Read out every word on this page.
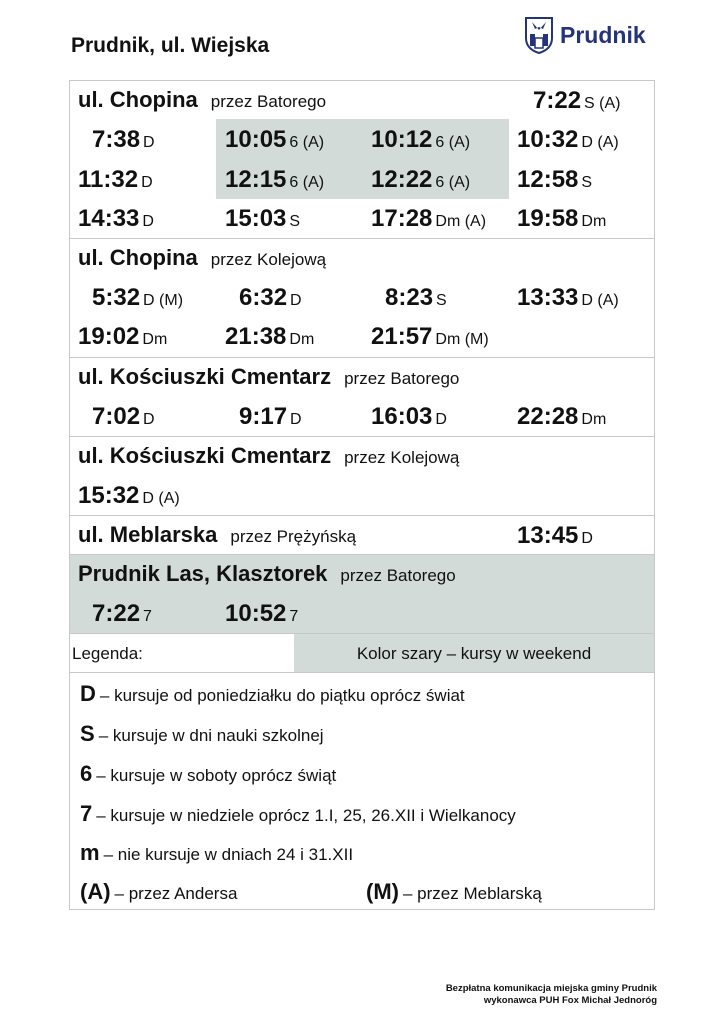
Prudnik, ul. Wiejska	Prudnik
ul. Chopina przez Batorego	7:22 S (A)
7:38 D	10:05 6 (A) 10:12 6 (A) 10:32 D (A)
11:32 D	12:15 6 (A) 12:22 6 (A) 12:58 S
14:33 D	15:03 S	17:28 Dm (A) 19:58 Dm
ul. Chopina przez Kolejową
5:32 D (M) 6:32 D	8:23 S	13:33 D (A)
19:02 Dm 21:38 Dm 21:57 Dm (M)
ul. Kościuszki Cmentarz przez Batorego
7:02 D	9:17 D	16:03 D	22:28 Dm
ul. Kościuszki Cmentarz przez Kolejową
15:32 D (A)
ul. Meblarska przez Prężyńską	13:45 D
Prudnik Las, Klasztorek przez Batorego
7:22 7	10:52 7
Legenda:	Kolor szary – kursy w weekend
D – kursuje od poniedziałku do piątku oprócz świat
S – kursuje w dni nauki szkolnej
6 – kursuje w soboty oprócz świąt
7 – kursuje w niedziele oprócz 1.I, 25, 26.XII i Wielkanocy
m – nie kursuje w dniach 24 i 31.XII
(A) – przez Andersa	(M) – przez Meblarską
Bezpłatna komunikacja miejska gminy Prudnik
wykonawca PUH Fox Michał Jednoróg
